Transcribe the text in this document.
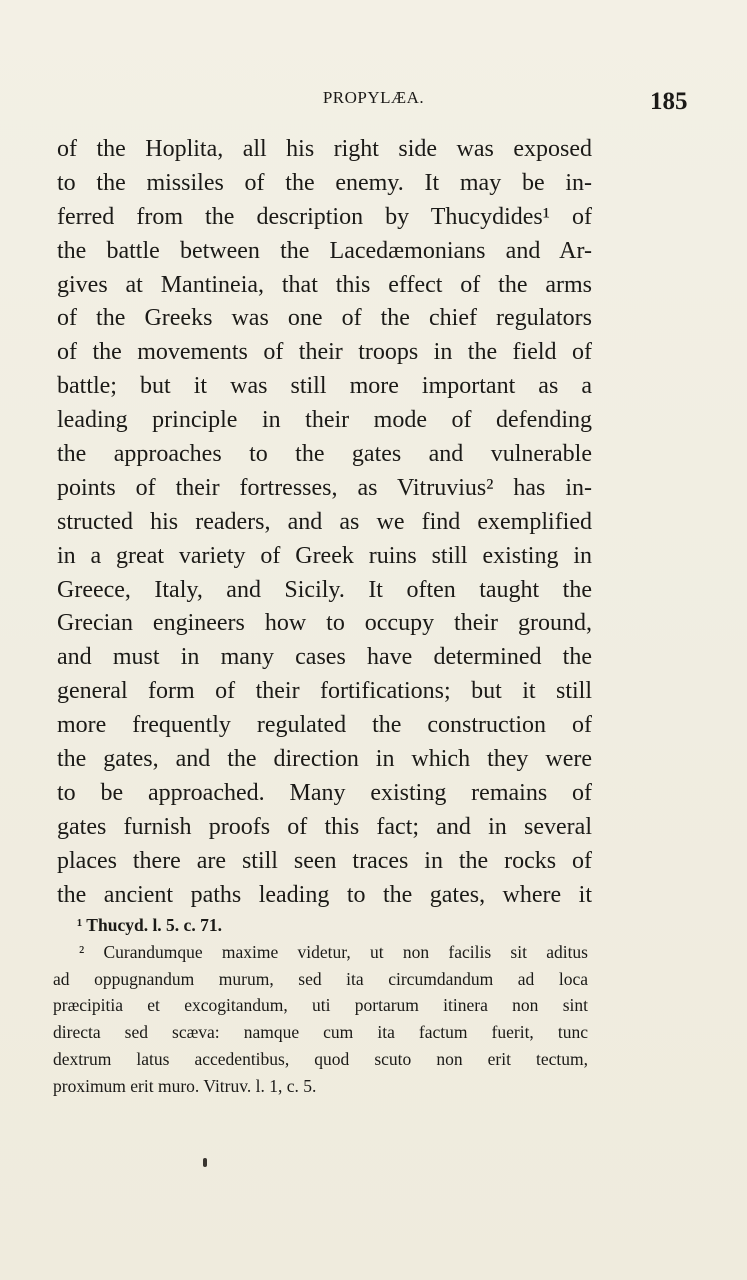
PROPYLÆA.	185
of the Hoplita, all his right side was exposed
to the missiles of the enemy. It may be in-
ferred from the description by Thucydides¹ of
the battle between the Lacedæmonians and Ar-
gives at Mantineia, that this effect of the arms
of the Greeks was one of the chief regulators
of the movements of their troops in the field of
battle; but it was still more important as a
leading principle in their mode of defending
the approaches to the gates and vulnerable
points of their fortresses, as Vitruvius² has in-
structed his readers, and as we find exemplified
in a great variety of Greek ruins still existing in
Greece, Italy, and Sicily. It often taught the
Grecian engineers how to occupy their ground,
and must in many cases have determined the
general form of their fortifications; but it still
more frequently regulated the construction of
the gates, and the direction in which they were
to be approached. Many existing remains of
gates furnish proofs of this fact; and in several
places there are still seen traces in the rocks of
the ancient paths leading to the gates, where it
¹ Thucyd. l. 5. c. 71.
² Curandumque maxime videtur, ut non facilis sit aditus
ad oppugnandum murum, sed ita circumdandum ad loca
præcipitia et excogitandum, uti portarum itinera non sint
directa sed scæva: namque cum ita factum fuerit, tunc
dextrum latus accedentibus, quod scuto non erit tectum,
proximum erit muro. Vitruv. l. 1, c. 5.
